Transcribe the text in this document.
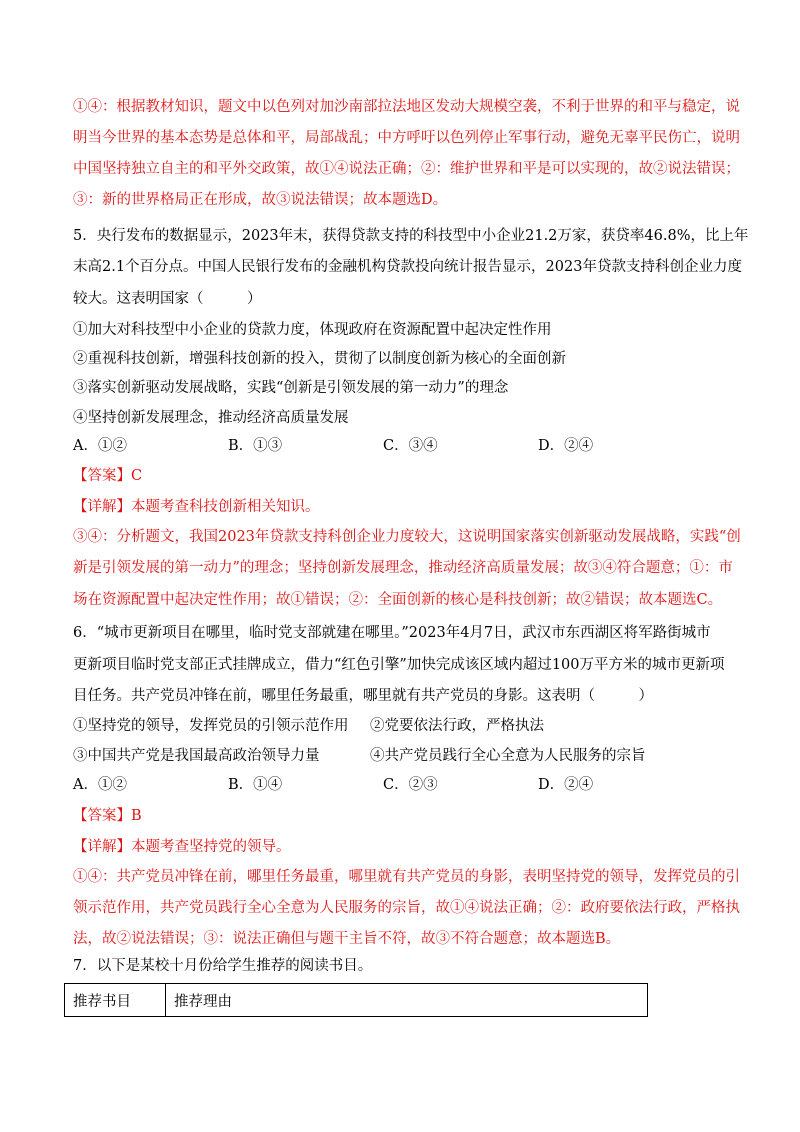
①④：根据教材知识，题文中以色列对加沙南部拉法地区发动大规模空袭，不利于世界的和平与稳定，说
明当今世界的基本态势是总体和平，局部战乱；中方呼吁以色列停止军事行动，避免无辜平民伤亡，说明
中国坚持独立自主的和平外交政策，故①④说法正确；②：维护世界和平是可以实现的，故②说法错误；
③：新的世界格局正在形成，故③说法错误；故本题选D。
5．央行发布的数据显示，2023年末，获得贷款支持的科技型中小企业21.2万家，获贷率46.8%，比上年
末高2.1个百分点。中国人民银行发布的金融机构贷款投向统计报告显示，2023年贷款支持科创企业力度
较大。这表明国家（　　　）
①加大对科技型中小企业的贷款力度，体现政府在资源配置中起决定性作用
②重视科技创新，增强科技创新的投入，贯彻了以制度创新为核心的全面创新
③落实创新驱动发展战略，实践“创新是引领发展的第一动力”的理念
④坚持创新发展理念，推动经济高质量发展
A．①②	B．①③	C．③④	D．②④
【答案】C
【详解】本题考查科技创新相关知识。
③④：分析题文，我国2023年贷款支持科创企业力度较大，这说明国家落实创新驱动发展战略，实践“创
新是引领发展的第一动力”的理念；坚持创新发展理念，推动经济高质量发展；故③④符合题意；①：市
场在资源配置中起决定性作用；故①错误；②：全面创新的核心是科技创新；故②错误；故本题选C。
6．“城市更新项目在哪里，临时党支部就建在哪里。”2023年4月7日，武汉市东西湖区将军路街城市
更新项目临时党支部正式挂牌成立，借力“红色引擎”加快完成该区域内超过100万平方米的城市更新项
目任务。共产党员冲锋在前，哪里任务最重，哪里就有共产党员的身影。这表明（　　　）
①坚持党的领导，发挥党员的引领示范作用 ②党要依法行政，严格执法
③中国共产党是我国最高政治领导力量	④共产党员践行全心全意为人民服务的宗旨
A．①②	B．①④	C．②③	D．②④
【答案】B
【详解】本题考查坚持党的领导。
①④：共产党员冲锋在前，哪里任务最重，哪里就有共产党员的身影，表明坚持党的领导，发挥党员的引
领示范作用，共产党员践行全心全意为人民服务的宗旨，故①④说法正确；②：政府要依法行政，严格执
法，故②说法错误；③：说法正确但与题干主旨不符，故③不符合题意；故本题选B。
7．以下是某校十月份给学生推荐的阅读书目。
推荐书目	推荐理由
